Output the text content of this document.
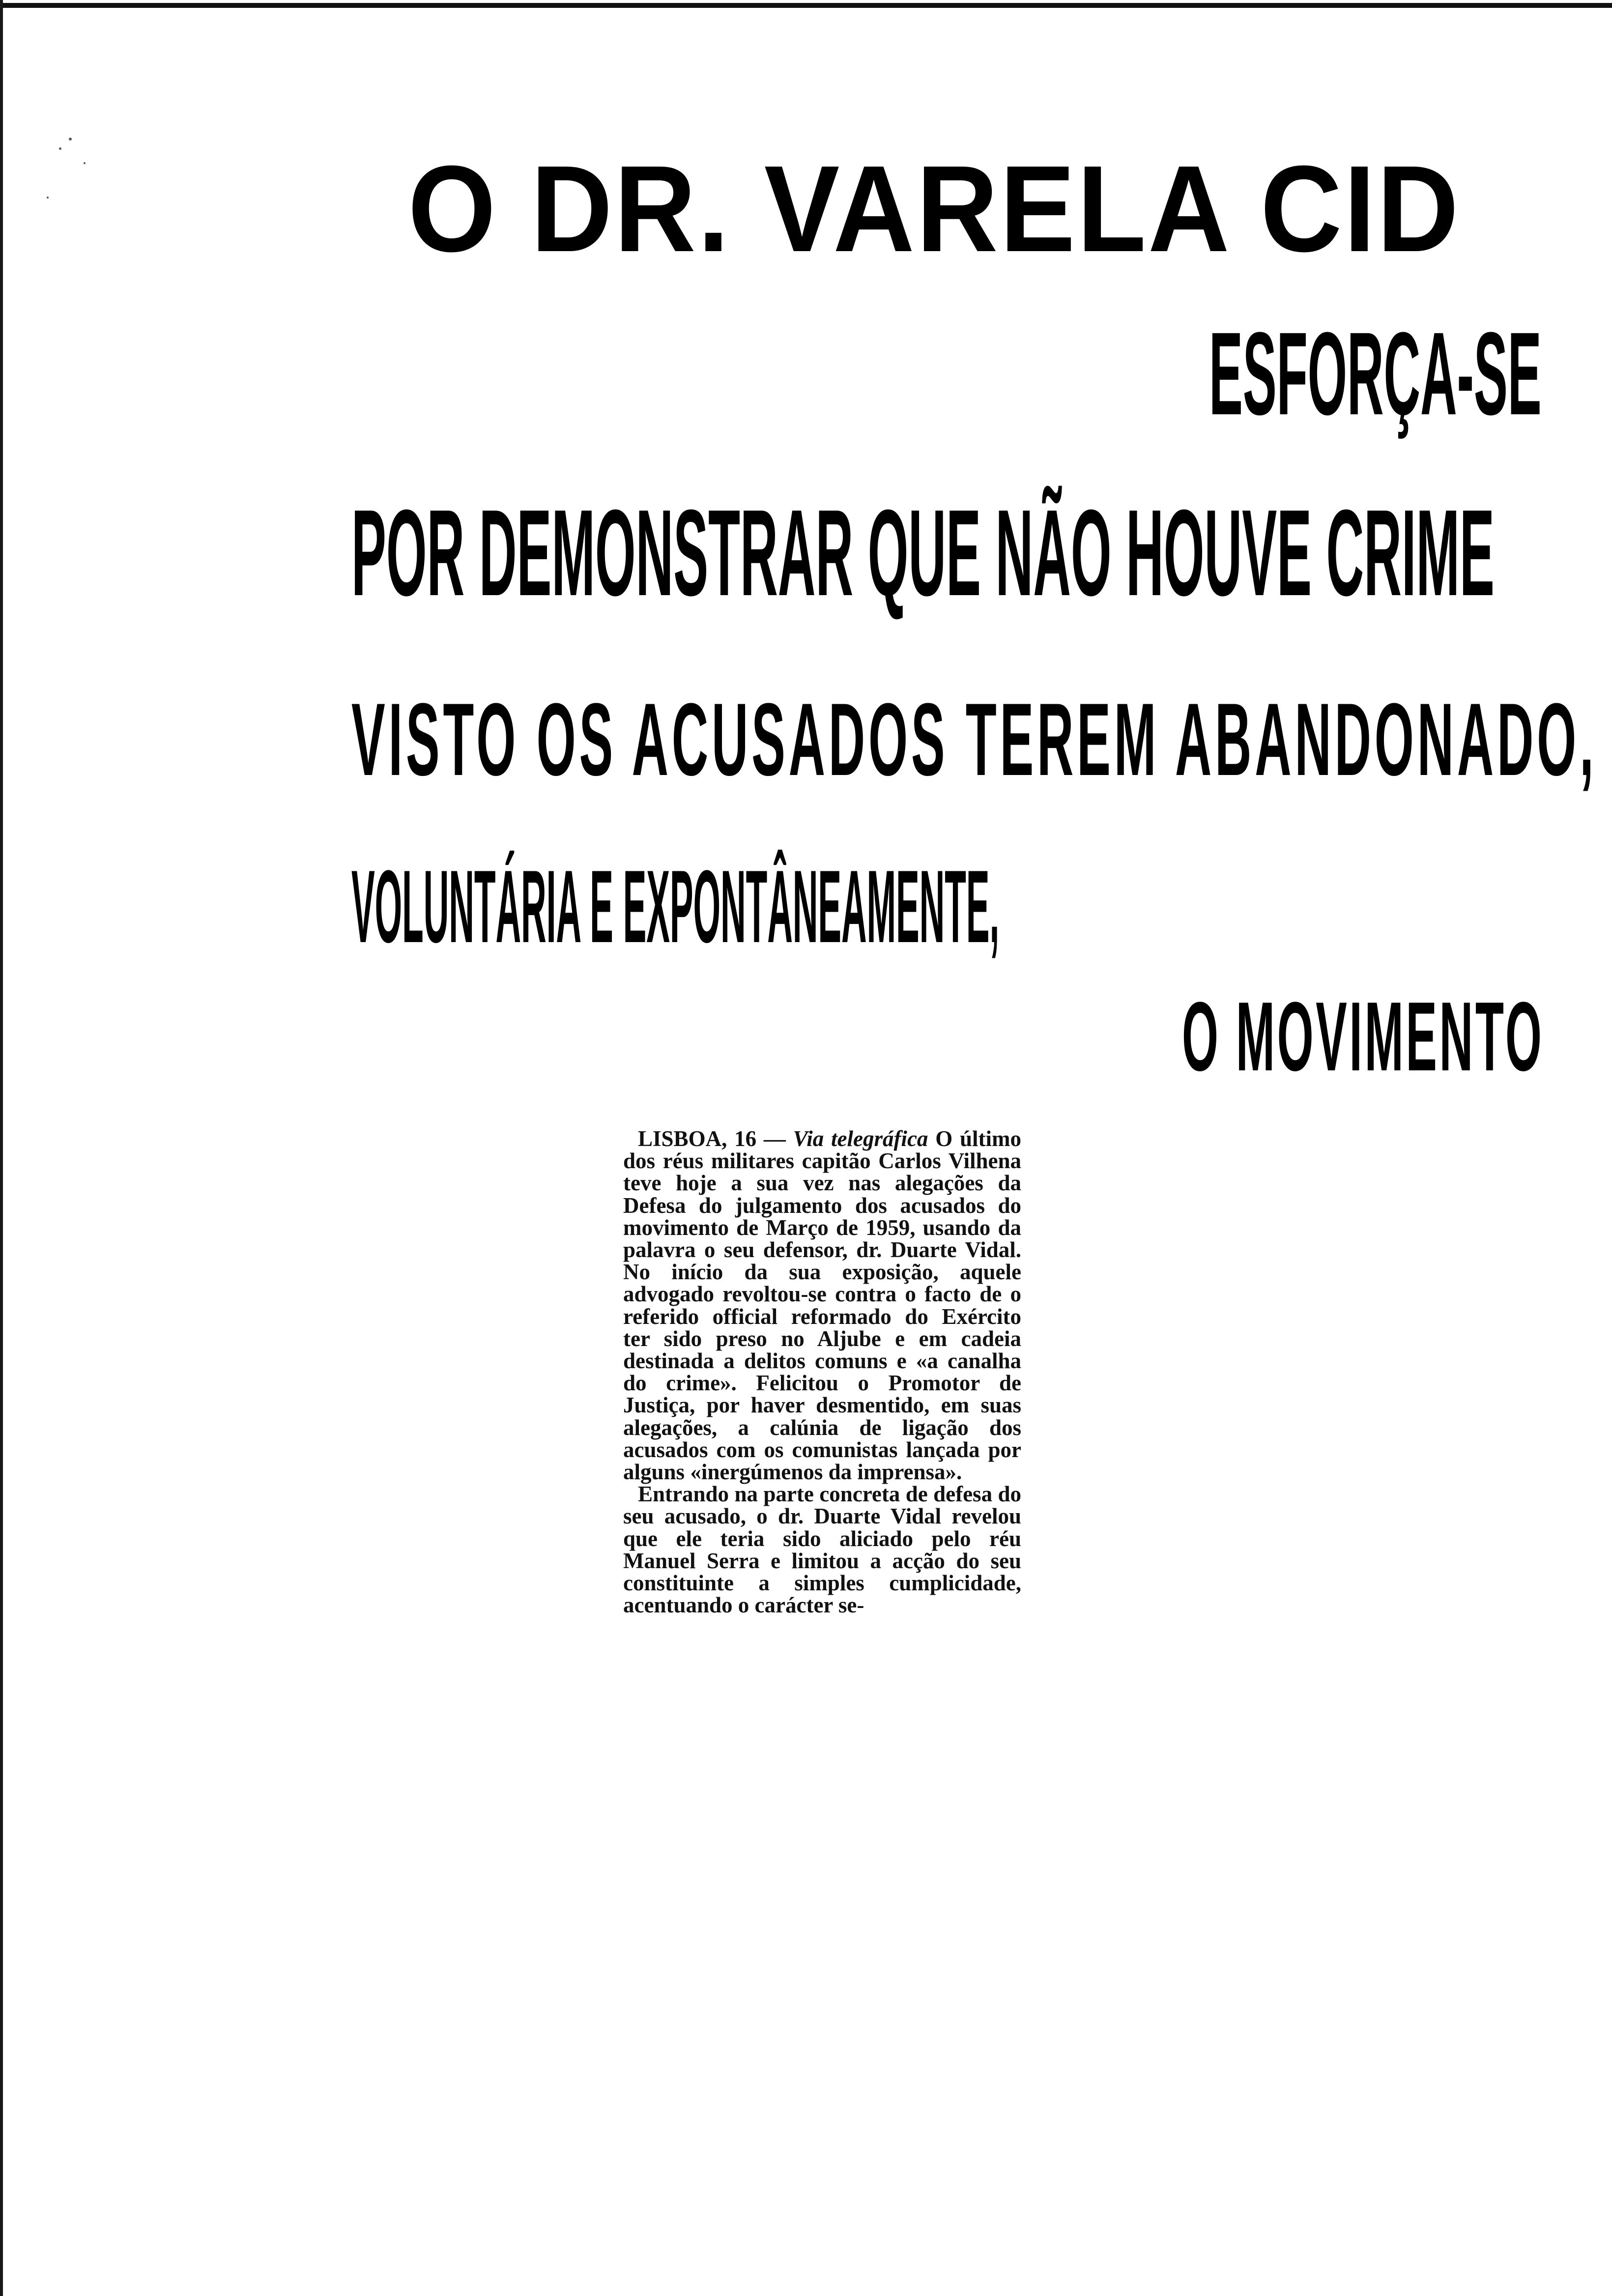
O DR. VARELA CID
ESFORÇA-SE
POR DEMONSTRAR QUE NÃO HOUVE CRIME
VISTO OS ACUSADOS TEREM ABANDONADO,
VOLUNTÁRIA E EXPONTÂNEAMENTE,
O MOVIMENTO

LISBOA, 16 — Via telegráfica O último dos réus militares capitão Carlos Vilhena teve hoje a sua vez nas alegações da Defesa do julgamento dos acusados do movimento de Março de 1959, usando da palavra o seu defensor, dr. Duarte Vidal. No início da sua exposição, aquele advogado revoltou-se contra o facto de o referido official reformado do Exército ter sido preso no Aljube e em cadeia destinada a delitos comuns e «a canalha do crime». Felicitou o Promotor de Justiça, por haver desmentido, em suas alegações, a calúnia de ligação dos acusados com os comunistas lançada por alguns «inergúmenos da imprensa».

Entrando na parte concreta de defesa do seu acusado, o dr. Duarte Vidal revelou que ele teria sido aliciado pelo réu Manuel Serra e limitou a acção do seu constituinte a simples cumplicidade, acentuando o carácter se-
